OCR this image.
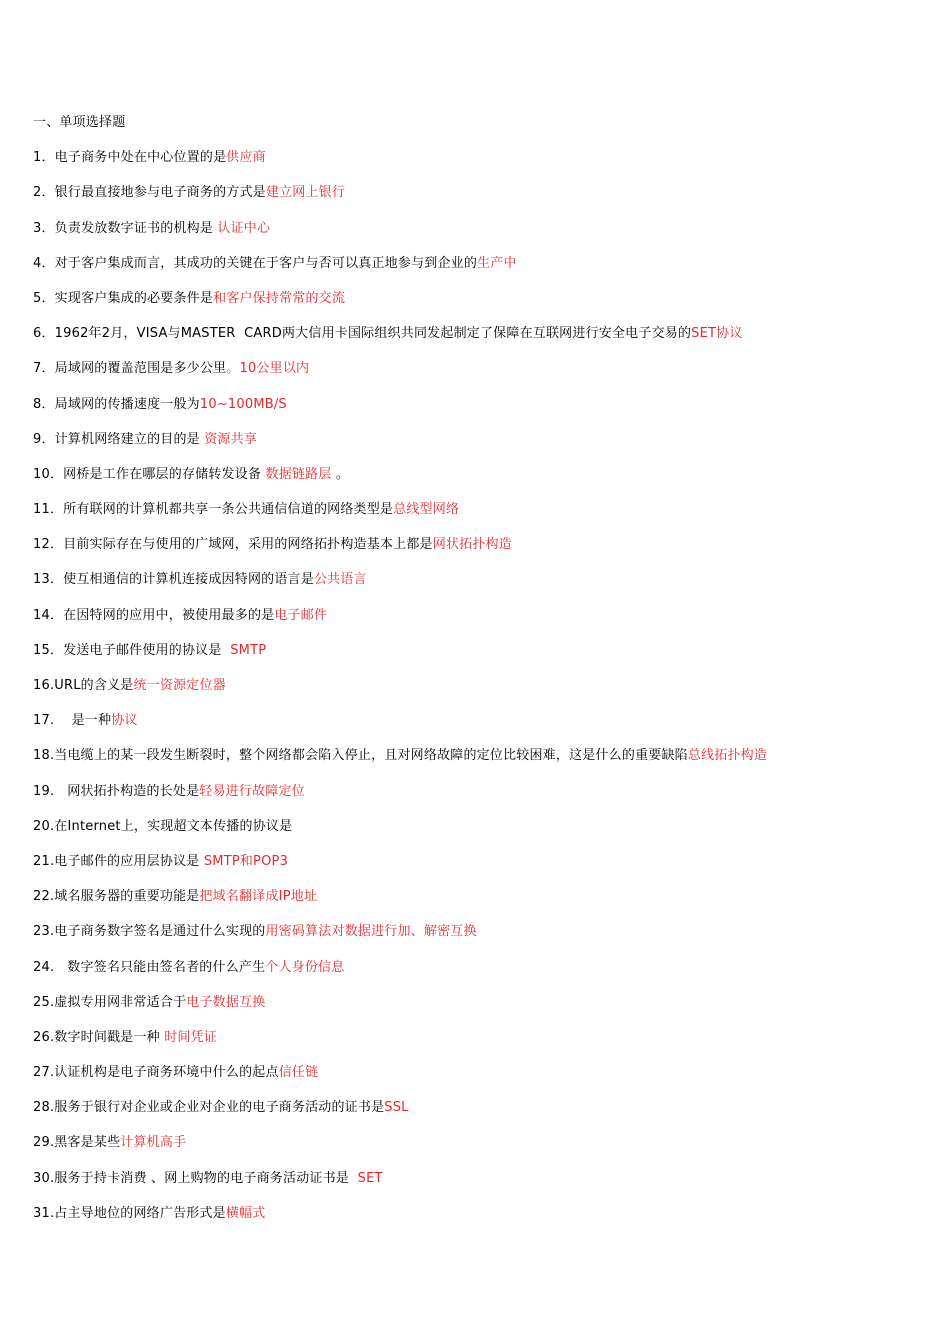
一、单项选择题
1．电子商务中处在中心位置的是供应商
2．银行最直接地参与电子商务的方式是建立网上银行
3．负责发放数字证书的机构是 认证中心
4．对于客户集成而言，其成功的关键在于客户与否可以真正地参与到企业的生产中
5．实现客户集成的必要条件是和客户保持常常的交流
6．1962年2月，VISA与MASTER  CARD两大信用卡国际组织共同发起制定了保障在互联网进行安全电子交易的SET协议
7．局域网的覆盖范围是多少公里。10公里以内
8．局域网的传播速度一般为10~100MB/S
9．计算机网络建立的目的是 资源共享
10．网桥是工作在哪层的存储转发设备 数据链路层 。
11．所有联网的计算机都共享一条公共通信信道的网络类型是总线型网络
12．目前实际存在与使用的广域网，采用的网络拓扑构造基本上都是网状拓扑构造
13．使互相通信的计算机连接成因特网的语言是公共语言
14．在因特网的应用中，被使用最多的是电子邮件
15．发送电子邮件使用的协议是  SMTP
16.URL的含义是统一资源定位器
17.    是一种协议
18.当电缆上的某一段发生断裂时，整个网络都会陷入停止，且对网络故障的定位比较困难，这是什么的重要缺陷总线拓扑构造
19.   网状拓扑构造的长处是轻易进行故障定位
20.在Internet上，实现超文本传播的协议是
21.电子邮件的应用层协议是 SMTP和POP3
22.域名服务器的重要功能是把域名翻译成IP地址
23.电子商务数字签名是通过什么实现的用密码算法对数据进行加、解密互换
24.   数字签名只能由签名者的什么产生个人身份信息
25.虚拟专用网非常适合于电子数据互换
26.数字时间戳是一种 时间凭证
27.认证机构是电子商务环境中什么的起点信任链
28.服务于银行对企业或企业对企业的电子商务活动的证书是SSL
29.黑客是某些计算机高手
30.服务于持卡消费 、网上购物的电子商务活动证书是  SET
31.占主导地位的网络广告形式是横幅式
